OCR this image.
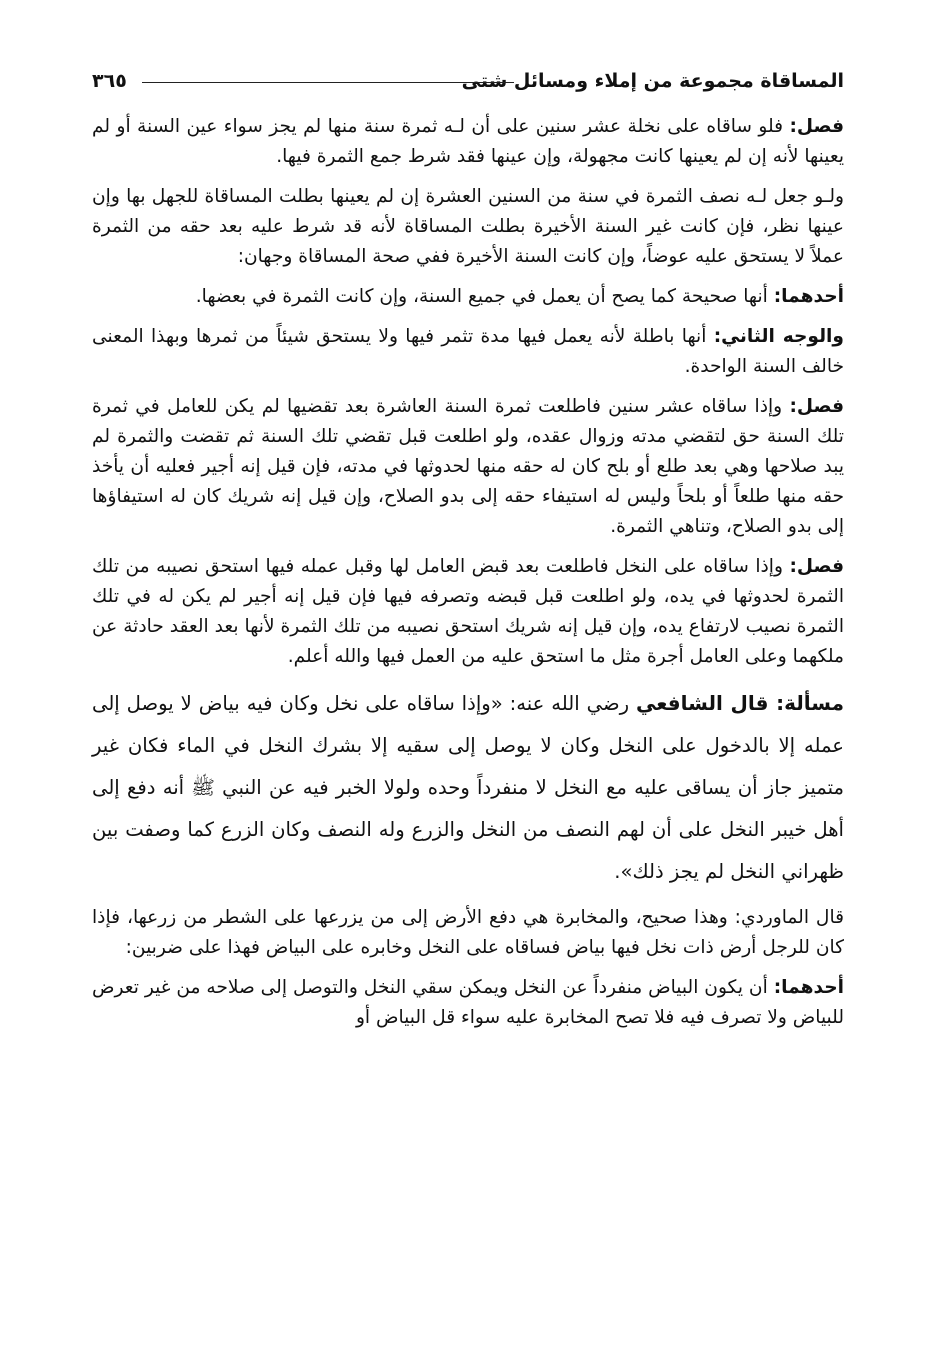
المساقاة مجموعة من إملاء ومسائل شتى
٣٦٥

فصل: فلو ساقاه على نخلة عشر سنين على أن لـه ثمرة سنة منها لم يجز سواء عين السنة أو لم يعينها لأنه إن لم يعينها كانت مجهولة، وإن عينها فقد شرط جمع الثمرة فيها.

ولـو جعل لـه نصف الثمرة في سنة من السنين العشرة إن لم يعينها بطلت المساقاة للجهل بها وإن عينها نظر، فإن كانت غير السنة الأخيرة بطلت المساقاة لأنه قد شرط عليه بعد حقه من الثمرة عملاً لا يستحق عليه عوضاً، وإن كانت السنة الأخيرة ففي صحة المساقاة وجهان:

أحدهما: أنها صحيحة كما يصح أن يعمل في جميع السنة، وإن كانت الثمرة في بعضها.

والوجه الثاني: أنها باطلة لأنه يعمل فيها مدة تثمر فيها ولا يستحق شيئاً من ثمرها وبهذا المعنى خالف السنة الواحدة.

فصل: وإذا ساقاه عشر سنين فاطلعت ثمرة السنة العاشرة بعد تقضيها لم يكن للعامل في ثمرة تلك السنة حق لتقضي مدته وزوال عقده، ولو اطلعت قبل تقضي تلك السنة ثم تقضت والثمرة لم يبد صلاحها وهي بعد طلع أو بلح كان له حقه منها لحدوثها في مدته، فإن قيل إنه أجير فعليه أن يأخذ حقه منها طلعاً أو بلحاً وليس له استيفاء حقه إلى بدو الصلاح، وإن قيل إنه شريك كان له استيفاؤها إلى بدو الصلاح، وتناهي الثمرة.

فصل: وإذا ساقاه على النخل فاطلعت بعد قبض العامل لها وقبل عمله فيها استحق نصيبه من تلك الثمرة لحدوثها في يده، ولو اطلعت قبل قبضه وتصرفه فيها فإن قيل إنه أجير لم يكن له في تلك الثمرة نصيب لارتفاع يده، وإن قيل إنه شريك استحق نصيبه من تلك الثمرة لأنها بعد العقد حادثة عن ملكهما وعلى العامل أجرة مثل ما استحق عليه من العمل فيها والله أعلم.

مسألة: قال الشافعي رضي الله عنه: «وإذا ساقاه على نخل وكان فيه بياض لا يوصل إلى عمله إلا بالدخول على النخل وكان لا يوصل إلى سقيه إلا بشرك النخل في الماء فكان غير متميز جاز أن يساقى عليه مع النخل لا منفرداً وحده ولولا الخبر فيه عن النبي ﷺ أنه دفع إلى أهل خيبر النخل على أن لهم النصف من النخل والزرع وله النصف وكان الزرع كما وصفت بين ظهراني النخل لم يجز ذلك».

قال الماوردي: وهذا صحيح، والمخابرة هي دفع الأرض إلى من يزرعها على الشطر من زرعها، فإذا كان للرجل أرض ذات نخل فيها بياض فساقاه على النخل وخابره على البياض فهذا على ضربين:

أحدهما: أن يكون البياض منفرداً عن النخل ويمكن سقي النخل والتوصل إلى صلاحه من غير تعرض للبياض ولا تصرف فيه فلا تصح المخابرة عليه سواء قل البياض أو
